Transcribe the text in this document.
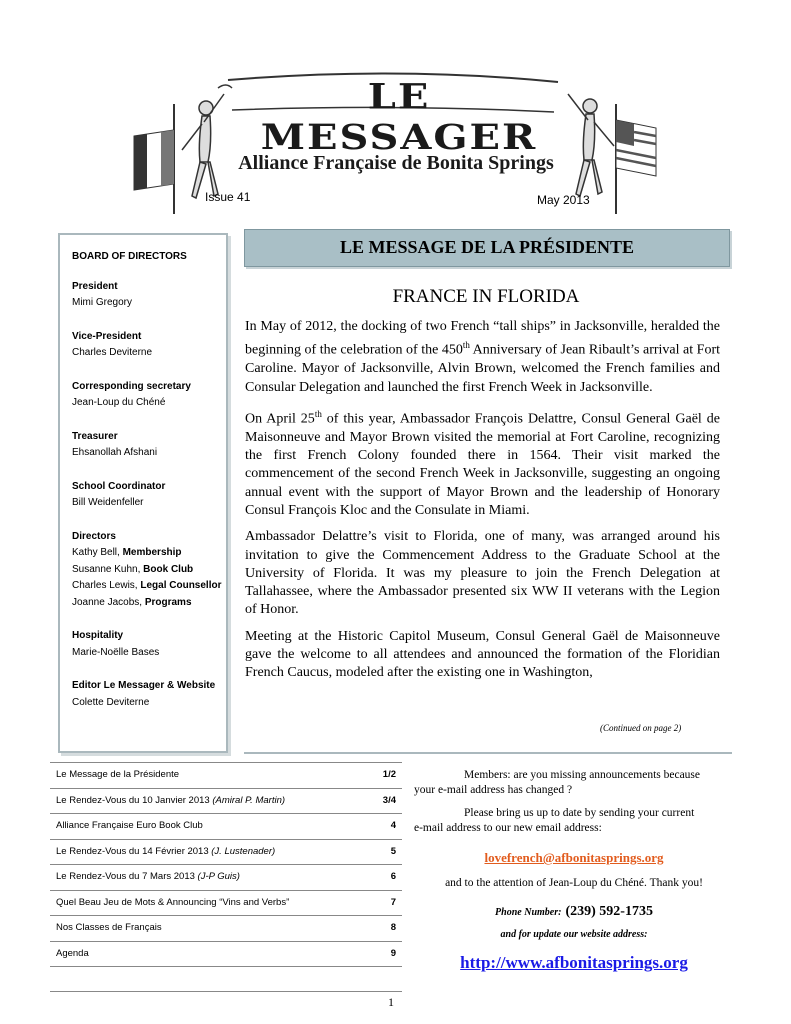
LE MESSAGER
Alliance Française de Bonita Springs
Issue 41	May 2013
BOARD OF DIRECTORS
President
Mimi Gregory
Vice-President
Charles Deviterne
Corresponding secretary
Jean-Loup du Chéné
Treasurer
Ehsanollah Afshani
School Coordinator
Bill Weidenfeller
Directors
Kathy Bell, Membership
Susanne Kuhn, Book Club
Charles Lewis, Legal Counsellor
Joanne Jacobs, Programs
Hospitality
Marie-Noëlle Bases
Editor Le Messager & Website
Colette Deviterne
LE MESSAGE DE LA PRÉSIDENTE
FRANCE IN FLORIDA

In May of 2012, the docking of two French “tall ships” in Jacksonville, heralded the beginning of the celebration of the 450th Anniversary of Jean Ribault’s arrival at Fort Caroline. Mayor of Jacksonville, Alvin Brown, welcomed the French families and Consular Delegation and launched the first French Week in Jacksonville.

On April 25th of this year, Ambassador François Delattre, Consul General Gaël de Maisonneuve and Mayor Brown visited the memorial at Fort Caroline, recognizing the first French Colony founded there in 1564. Their visit marked the commencement of the second French Week in Jacksonville, suggesting an ongoing annual event with the support of Mayor Brown and the leadership of Honorary Consul François Kloc and the Consulate in Miami.

Ambassador Delattre’s visit to Florida, one of many, was arranged around his invitation to give the Commencement Address to the Graduate School at the University of Florida. It was my pleasure to join the French Delegation at Tallahassee, where the Ambassador presented six WW II veterans with the Legion of Honor.

Meeting at the Historic Capitol Museum, Consul General Gaël de Maisonneuve gave the welcome to all attendees and announced the formation of the Floridian French Caucus, modeled after the existing one in Washington,

(Continued on page 2)
Le Message de la Présidente	1/2
Le Rendez-Vous du 10 Janvier 2013 (Amiral P. Martin)	3/4
Alliance Française Euro Book Club	4
Le Rendez-Vous du 14 Février 2013 (J. Lustenader)	5
Le Rendez-Vous du 7 Mars 2013 (J-P Guis)	6
Quel Beau Jeu de Mots & Announcing “Vins and Verbs”	7
Nos Classes de Français	8
Agenda	9

Members: are you missing announcements because

your e-mail address has changed ?

Please bring us up to date by sending your current

e-mail address to our new email address:

lovefrench@afbonitasprings.org
and to the attention of Jean-Loup du Chéné. Thank you!
Phone Number: (239) 592-1735
and for update our website address:
http://www.afbonitasprings.org
1
